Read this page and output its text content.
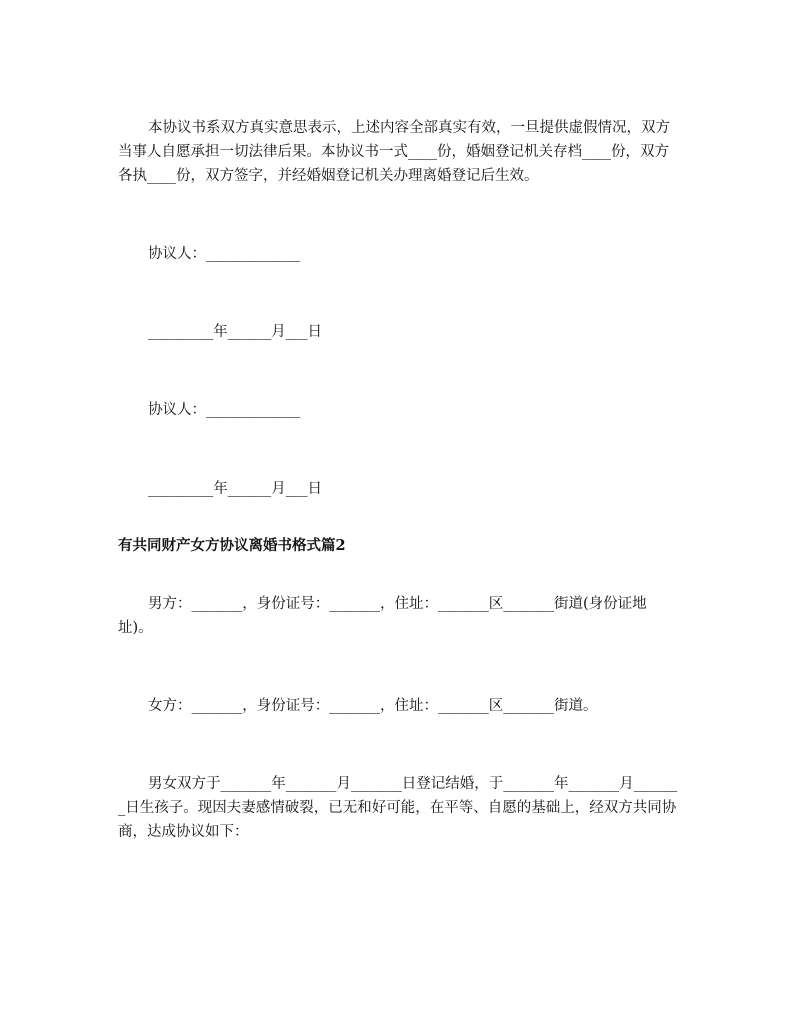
本协议书系双方真实意思表示，上述内容全部真实有效，一旦提供虚假情况，双方当事人自愿承担一切法律后果。本协议书一式____份，婚姻登记机关存档____份，双方各执____份，双方签字，并经婚姻登记机关办理离婚登记后生效。

协议人：_____________

_________年______月___日

协议人：_____________

_________年______月___日

有共同财产女方协议离婚书格式篇2

男方：_______，身份证号：_______，住址：_______区_______街道(身份证地址)。

女方：_______，身份证号：_______，住址：_______区_______街道。

男女双方于_______年_______月_______日登记结婚，于_______年_______月_______日生孩子。现因夫妻感情破裂，已无和好可能，在平等、自愿的基础上，经双方共同协商，达成协议如下：
